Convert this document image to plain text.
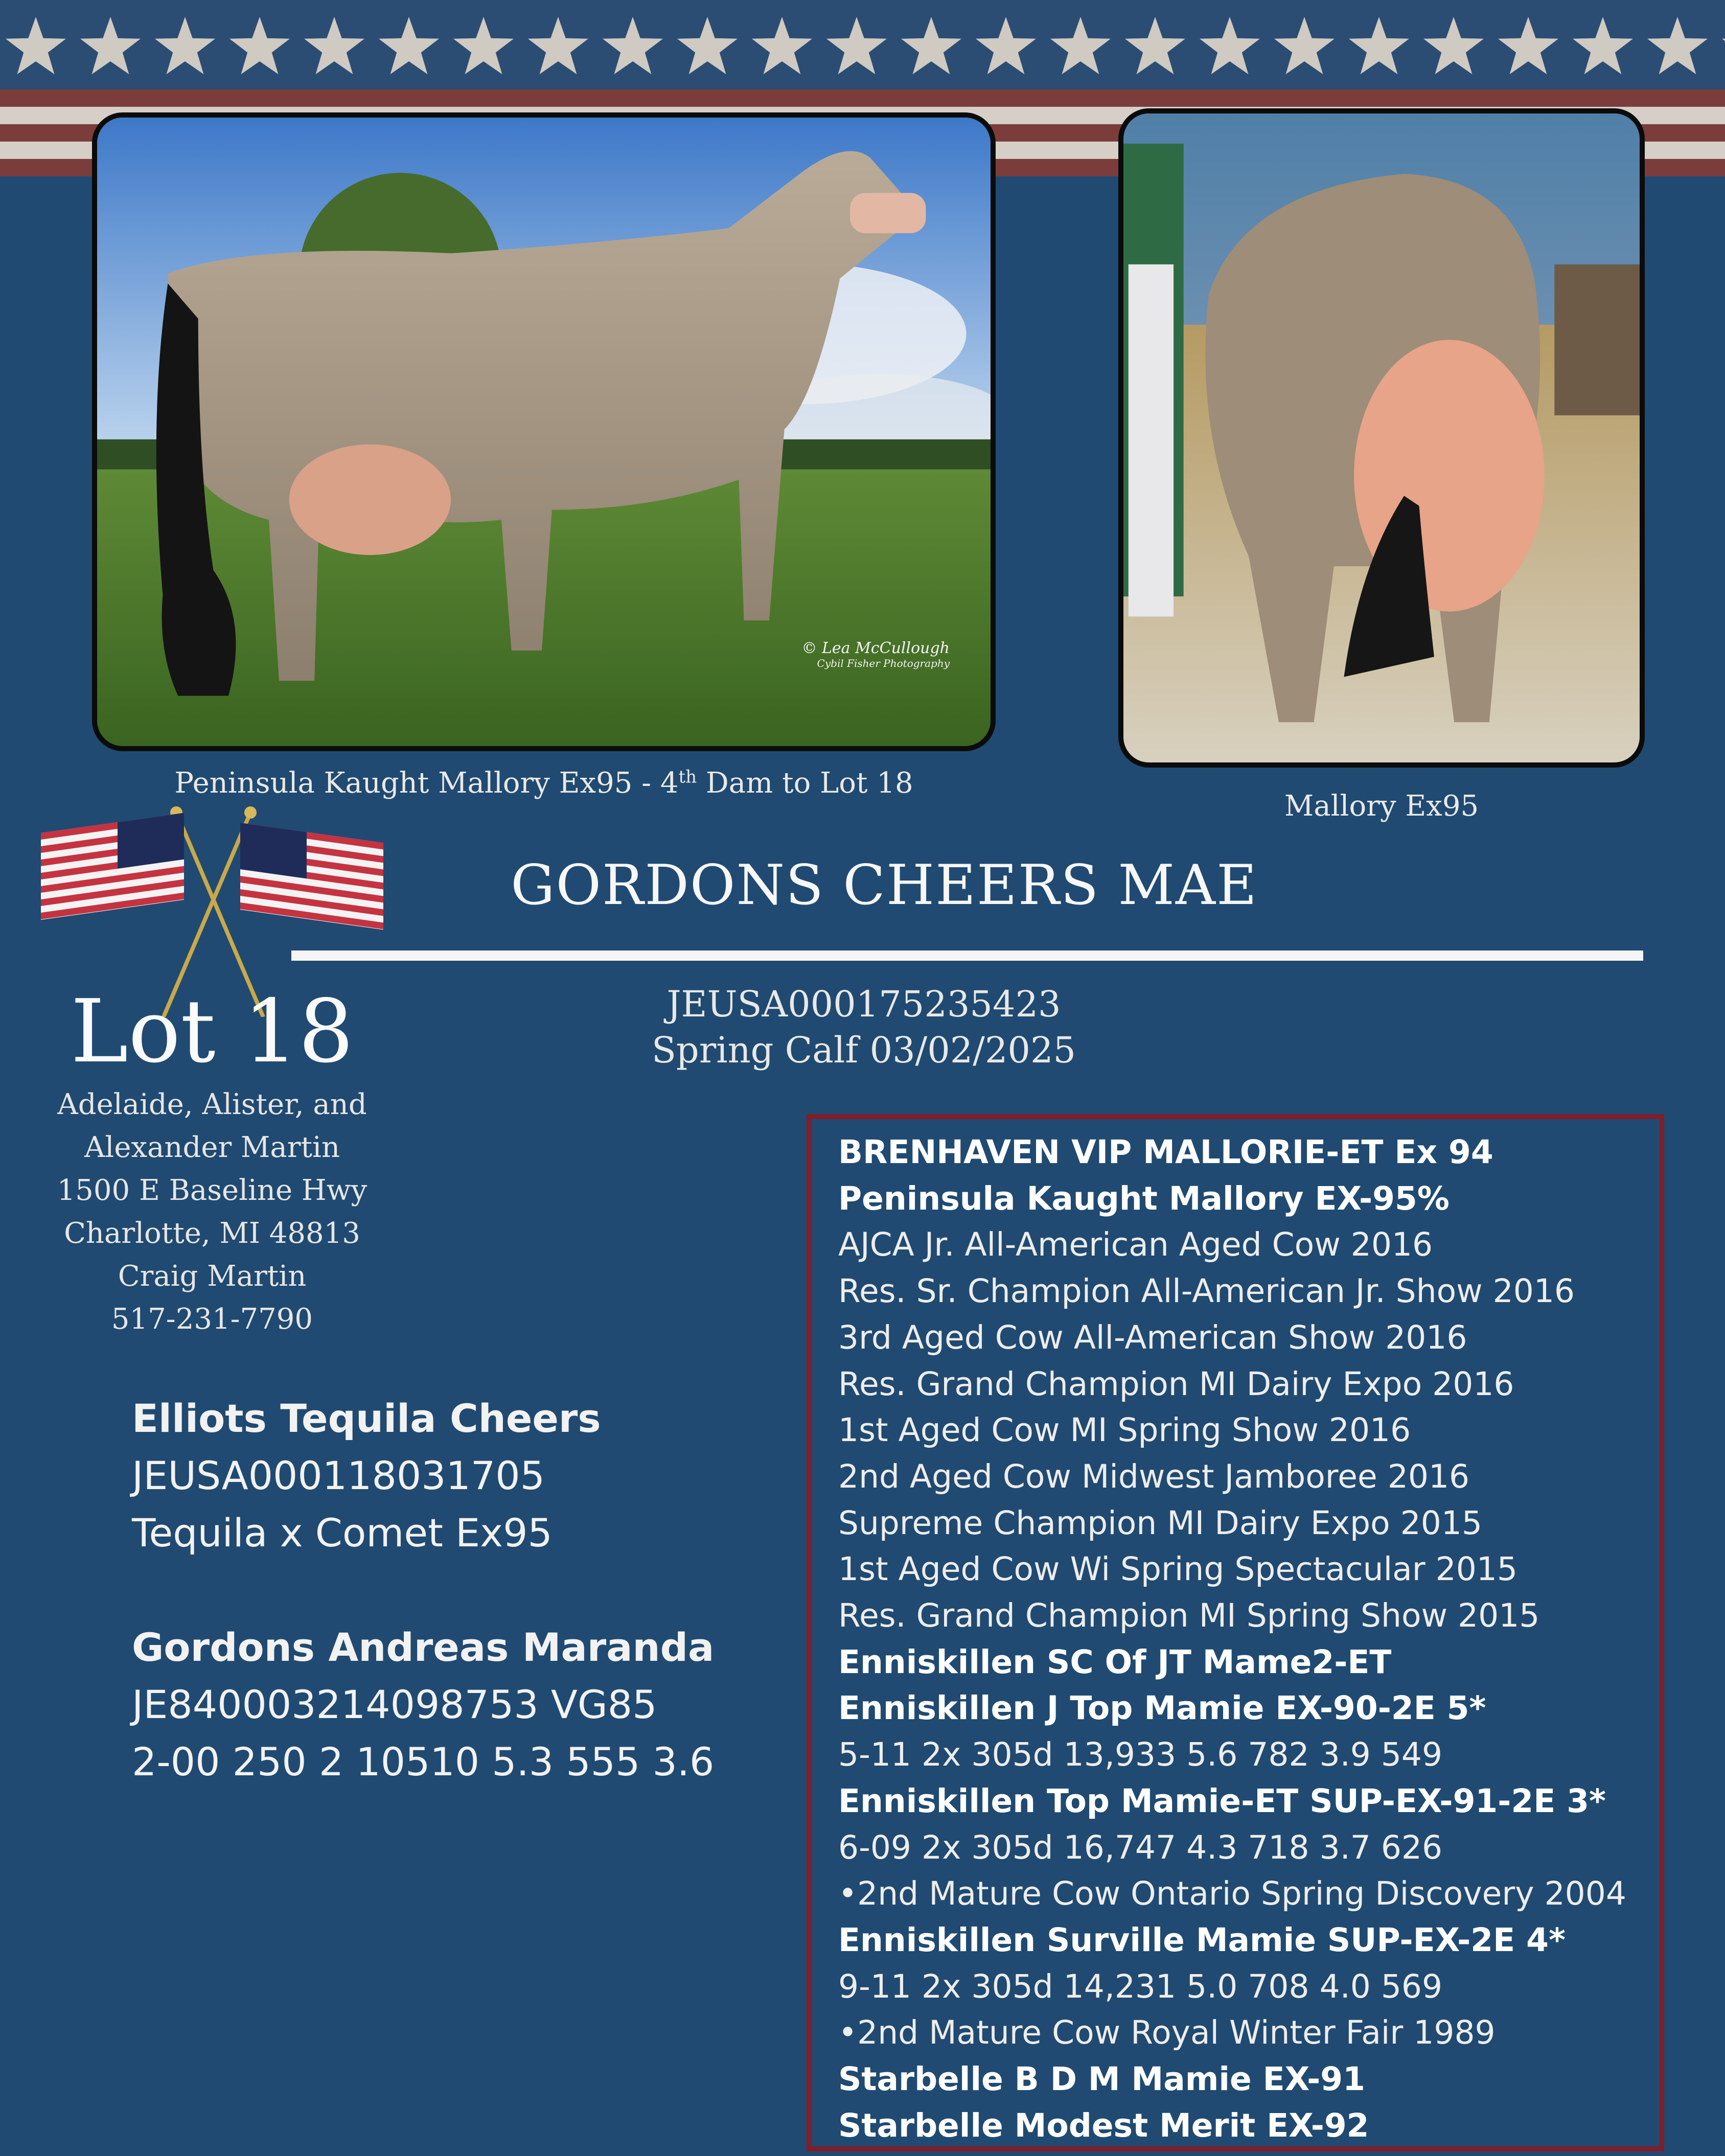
© Lea McCullough
Cybil Fisher Photography
Peninsula Kaught Mallory Ex95 - 4th Dam to Lot 18
Mallory Ex95
GORDONS CHEERS MAE
JEUSA000175235423
Spring Calf 03/02/2025
Lot 18
Adelaide, Alister, and
Alexander Martin
1500 E Baseline Hwy
Charlotte, MI 48813
Craig Martin
517-231-7790
Elliots Tequila Cheers
JEUSA000118031705
Tequila x Comet Ex95
Gordons Andreas Maranda
JE840003214098753 VG85
2-00 250 2 10510 5.3 555 3.6
BRENHAVEN VIP MALLORIE-ET Ex 94
Peninsula Kaught Mallory EX-95%
AJCA Jr. All-American Aged Cow 2016
Res. Sr. Champion All-American Jr. Show 2016
3rd Aged Cow All-American Show 2016
Res. Grand Champion MI Dairy Expo 2016
1st Aged Cow MI Spring Show 2016
2nd Aged Cow Midwest Jamboree 2016
Supreme Champion MI Dairy Expo 2015
1st Aged Cow Wi Spring Spectacular 2015
Res. Grand Champion MI Spring Show 2015
Enniskillen SC Of JT Mame2-ET
Enniskillen J Top Mamie EX-90-2E 5*
5-11 2x 305d 13,933 5.6 782 3.9 549
Enniskillen Top Mamie-ET SUP-EX-91-2E 3*
6-09 2x 305d 16,747 4.3 718 3.7 626
•2nd Mature Cow Ontario Spring Discovery 2004
Enniskillen Surville Mamie SUP-EX-2E 4*
9-11 2x 305d 14,231 5.0 708 4.0 569
•2nd Mature Cow Royal Winter Fair 1989
Starbelle B D M Mamie EX-91
Starbelle Modest Merit EX-92
